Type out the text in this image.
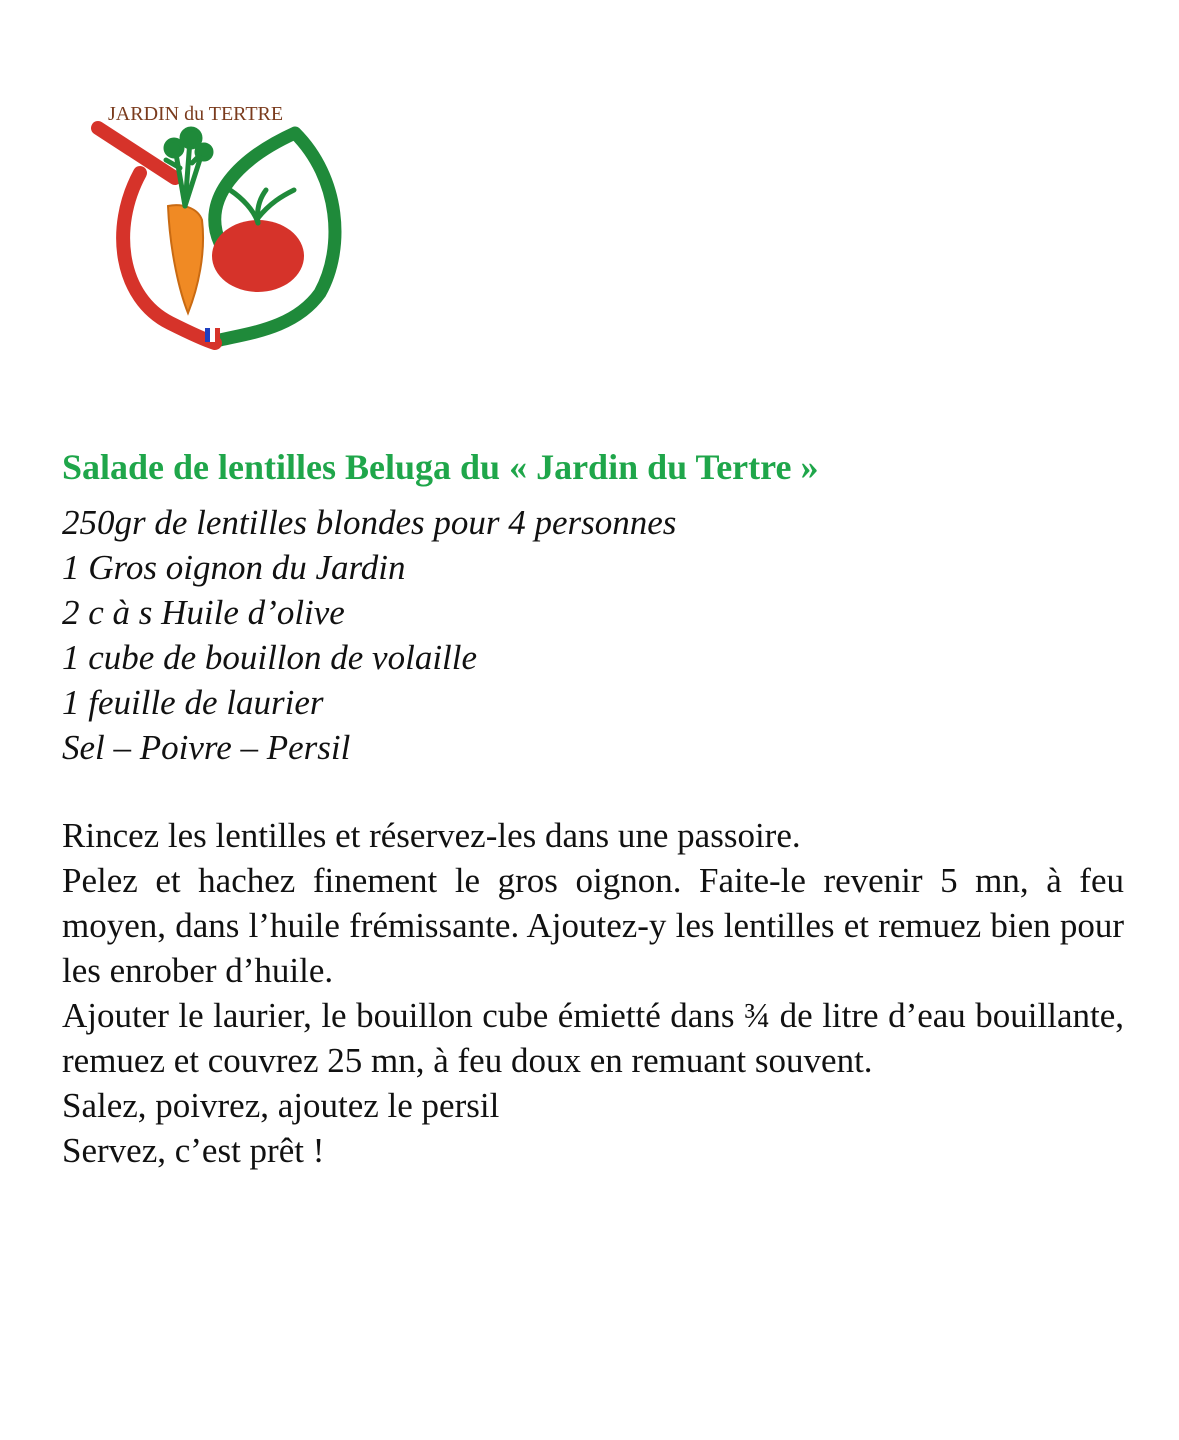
JARDIN du TERTRE
Salade de lentilles Beluga du « Jardin du Tertre »
250gr de lentilles blondes pour 4 personnes
1 Gros oignon du Jardin
2 c à s Huile d’olive
1 cube de bouillon de volaille
1 feuille de laurier
Sel – Poivre – Persil

Rincez les lentilles et réservez-les dans une passoire.

Pelez et hachez finement le gros oignon. Faite-le revenir 5 mn, à feu moyen, dans l’huile frémissante. Ajoutez-y les lentilles et remuez bien pour les enrober d’huile.

Ajouter le laurier, le bouillon cube émietté dans ¾ de litre d’eau bouillante, remuez et couvrez 25 mn, à feu doux en remuant souvent.

Salez, poivrez, ajoutez le persil

Servez, c’est prêt !
